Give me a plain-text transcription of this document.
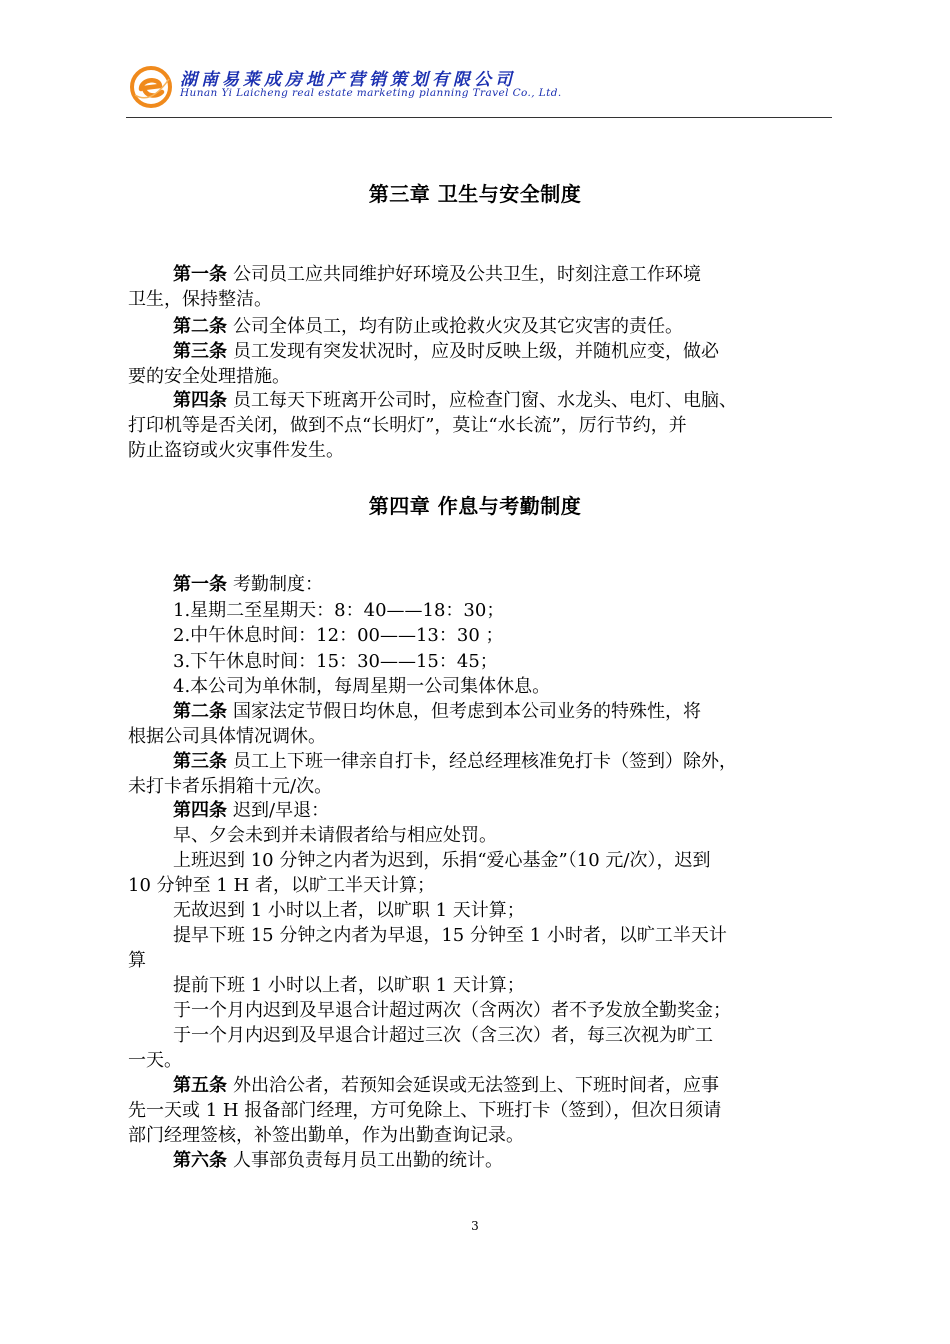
湖南易莱成房地产营销策划有限公司
Hunan Yi Laicheng real estate marketing planning Travel Co., Ltd.
第三章 卫生与安全制度
第一条 公司员工应共同维护好环境及公共卫生，时刻注意工作环境
卫生，保持整洁。
第二条 公司全体员工，均有防止或抢救火灾及其它灾害的责任。
第三条 员工发现有突发状况时，应及时反映上级，并随机应变，做必
要的安全处理措施。
第四条 员工每天下班离开公司时，应检查门窗、水龙头、电灯、电脑、
打印机等是否关闭，做到不点“长明灯”，莫让“水长流”，厉行节约，并
防止盗窃或火灾事件发生。
第四章 作息与考勤制度
第一条 考勤制度：
1.星期二至星期天：8：40——18：30；
2.中午休息时间：12：00——13：30 ；
3.下午休息时间：15：30——15：45；
4.本公司为单休制，每周星期一公司集体休息。
第二条 国家法定节假日均休息，但考虑到本公司业务的特殊性，将
根据公司具体情况调休。
第三条 员工上下班一律亲自打卡，经总经理核准免打卡（签到）除外，
未打卡者乐捐箱十元/次。
第四条 迟到/早退：
早、夕会未到并未请假者给与相应处罚。
上班迟到 10 分钟之内者为迟到，乐捐“爱心基金”（10 元/次），迟到
10 分钟至 1 H 者，以旷工半天计算；
无故迟到 1 小时以上者，以旷职 1 天计算；
提早下班 15 分钟之内者为早退，15 分钟至 1 小时者，以旷工半天计
算
提前下班 1 小时以上者，以旷职 1 天计算；
于一个月内迟到及早退合计超过两次（含两次）者不予发放全勤奖金；
于一个月内迟到及早退合计超过三次（含三次）者，每三次视为旷工
一天。
第五条 外出洽公者，若预知会延误或无法签到上、下班时间者，应事
先一天或 1 H 报备部门经理，方可免除上、下班打卡（签到），但次日须请
部门经理签核，补签出勤单，作为出勤查询记录。
第六条 人事部负责每月员工出勤的统计。
3
